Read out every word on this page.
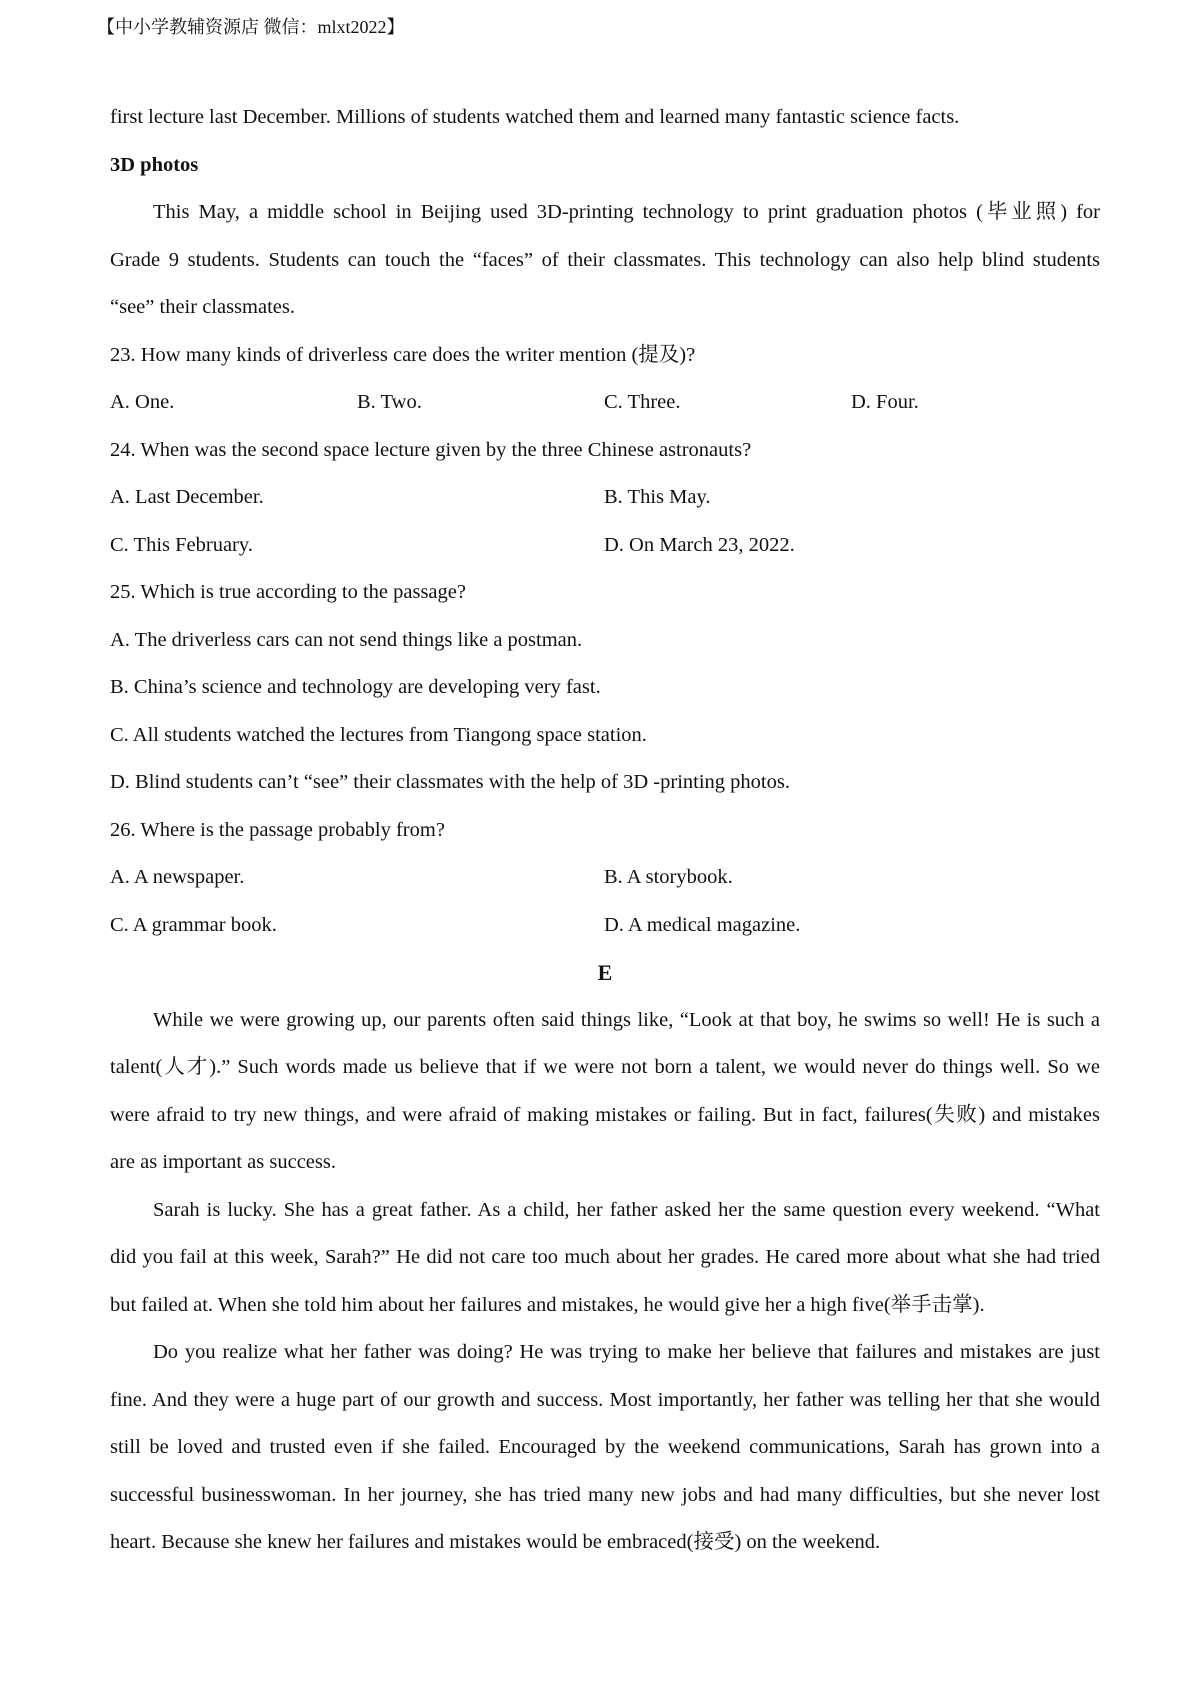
【中小学教辅资源店 微信：mlxt2022】
first lecture last December. Millions of students watched them and learned many fantastic science facts.
3D photos
This May, a middle school in Beijing used 3D-printing technology to print graduation photos (毕业照) for
Grade 9 students. Students can touch the “faces” of their classmates. This technology can also help blind students
“see” their classmates.
23. How many kinds of driverless care does the writer mention (提及)?
A. One.	B. Two.	C. Three.	D. Four.
24. When was the second space lecture given by the three Chinese astronauts?
A. Last December.	B. This May.
C. This February.	D. On March 23, 2022.
25. Which is true according to the passage?
A. The driverless cars can not send things like a postman.
B. China’s science and technology are developing very fast.
C. All students watched the lectures from Tiangong space station.
D. Blind students can’t “see” their classmates with the help of 3D -printing photos.
26. Where is the passage probably from?
A. A newspaper.	B. A storybook.
C. A grammar book.	D. A medical magazine.
E
While we were growing up, our parents often said things like, “Look at that boy, he swims so well! He is such a
talent(人才).” Such words made us believe that if we were not born a talent, we would never do things well. So we
were afraid to try new things, and were afraid of making mistakes or failing. But in fact, failures(失败) and mistakes
are as important as success.
Sarah is lucky. She has a great father. As a child, her father asked her the same question every weekend. “What
did you fail at this week, Sarah?” He did not care too much about her grades. He cared more about what she had tried
but failed at. When she told him about her failures and mistakes, he would give her a high five(举手击掌).
Do you realize what her father was doing? He was trying to make her believe that failures and mistakes are just
fine. And they were a huge part of our growth and success. Most importantly, her father was telling her that she would
still be loved and trusted even if she failed. Encouraged by the weekend communications, Sarah has grown into a
successful businesswoman. In her journey, she has tried many new jobs and had many difficulties, but she never lost
heart. Because she knew her failures and mistakes would be embraced(接受) on the weekend.
